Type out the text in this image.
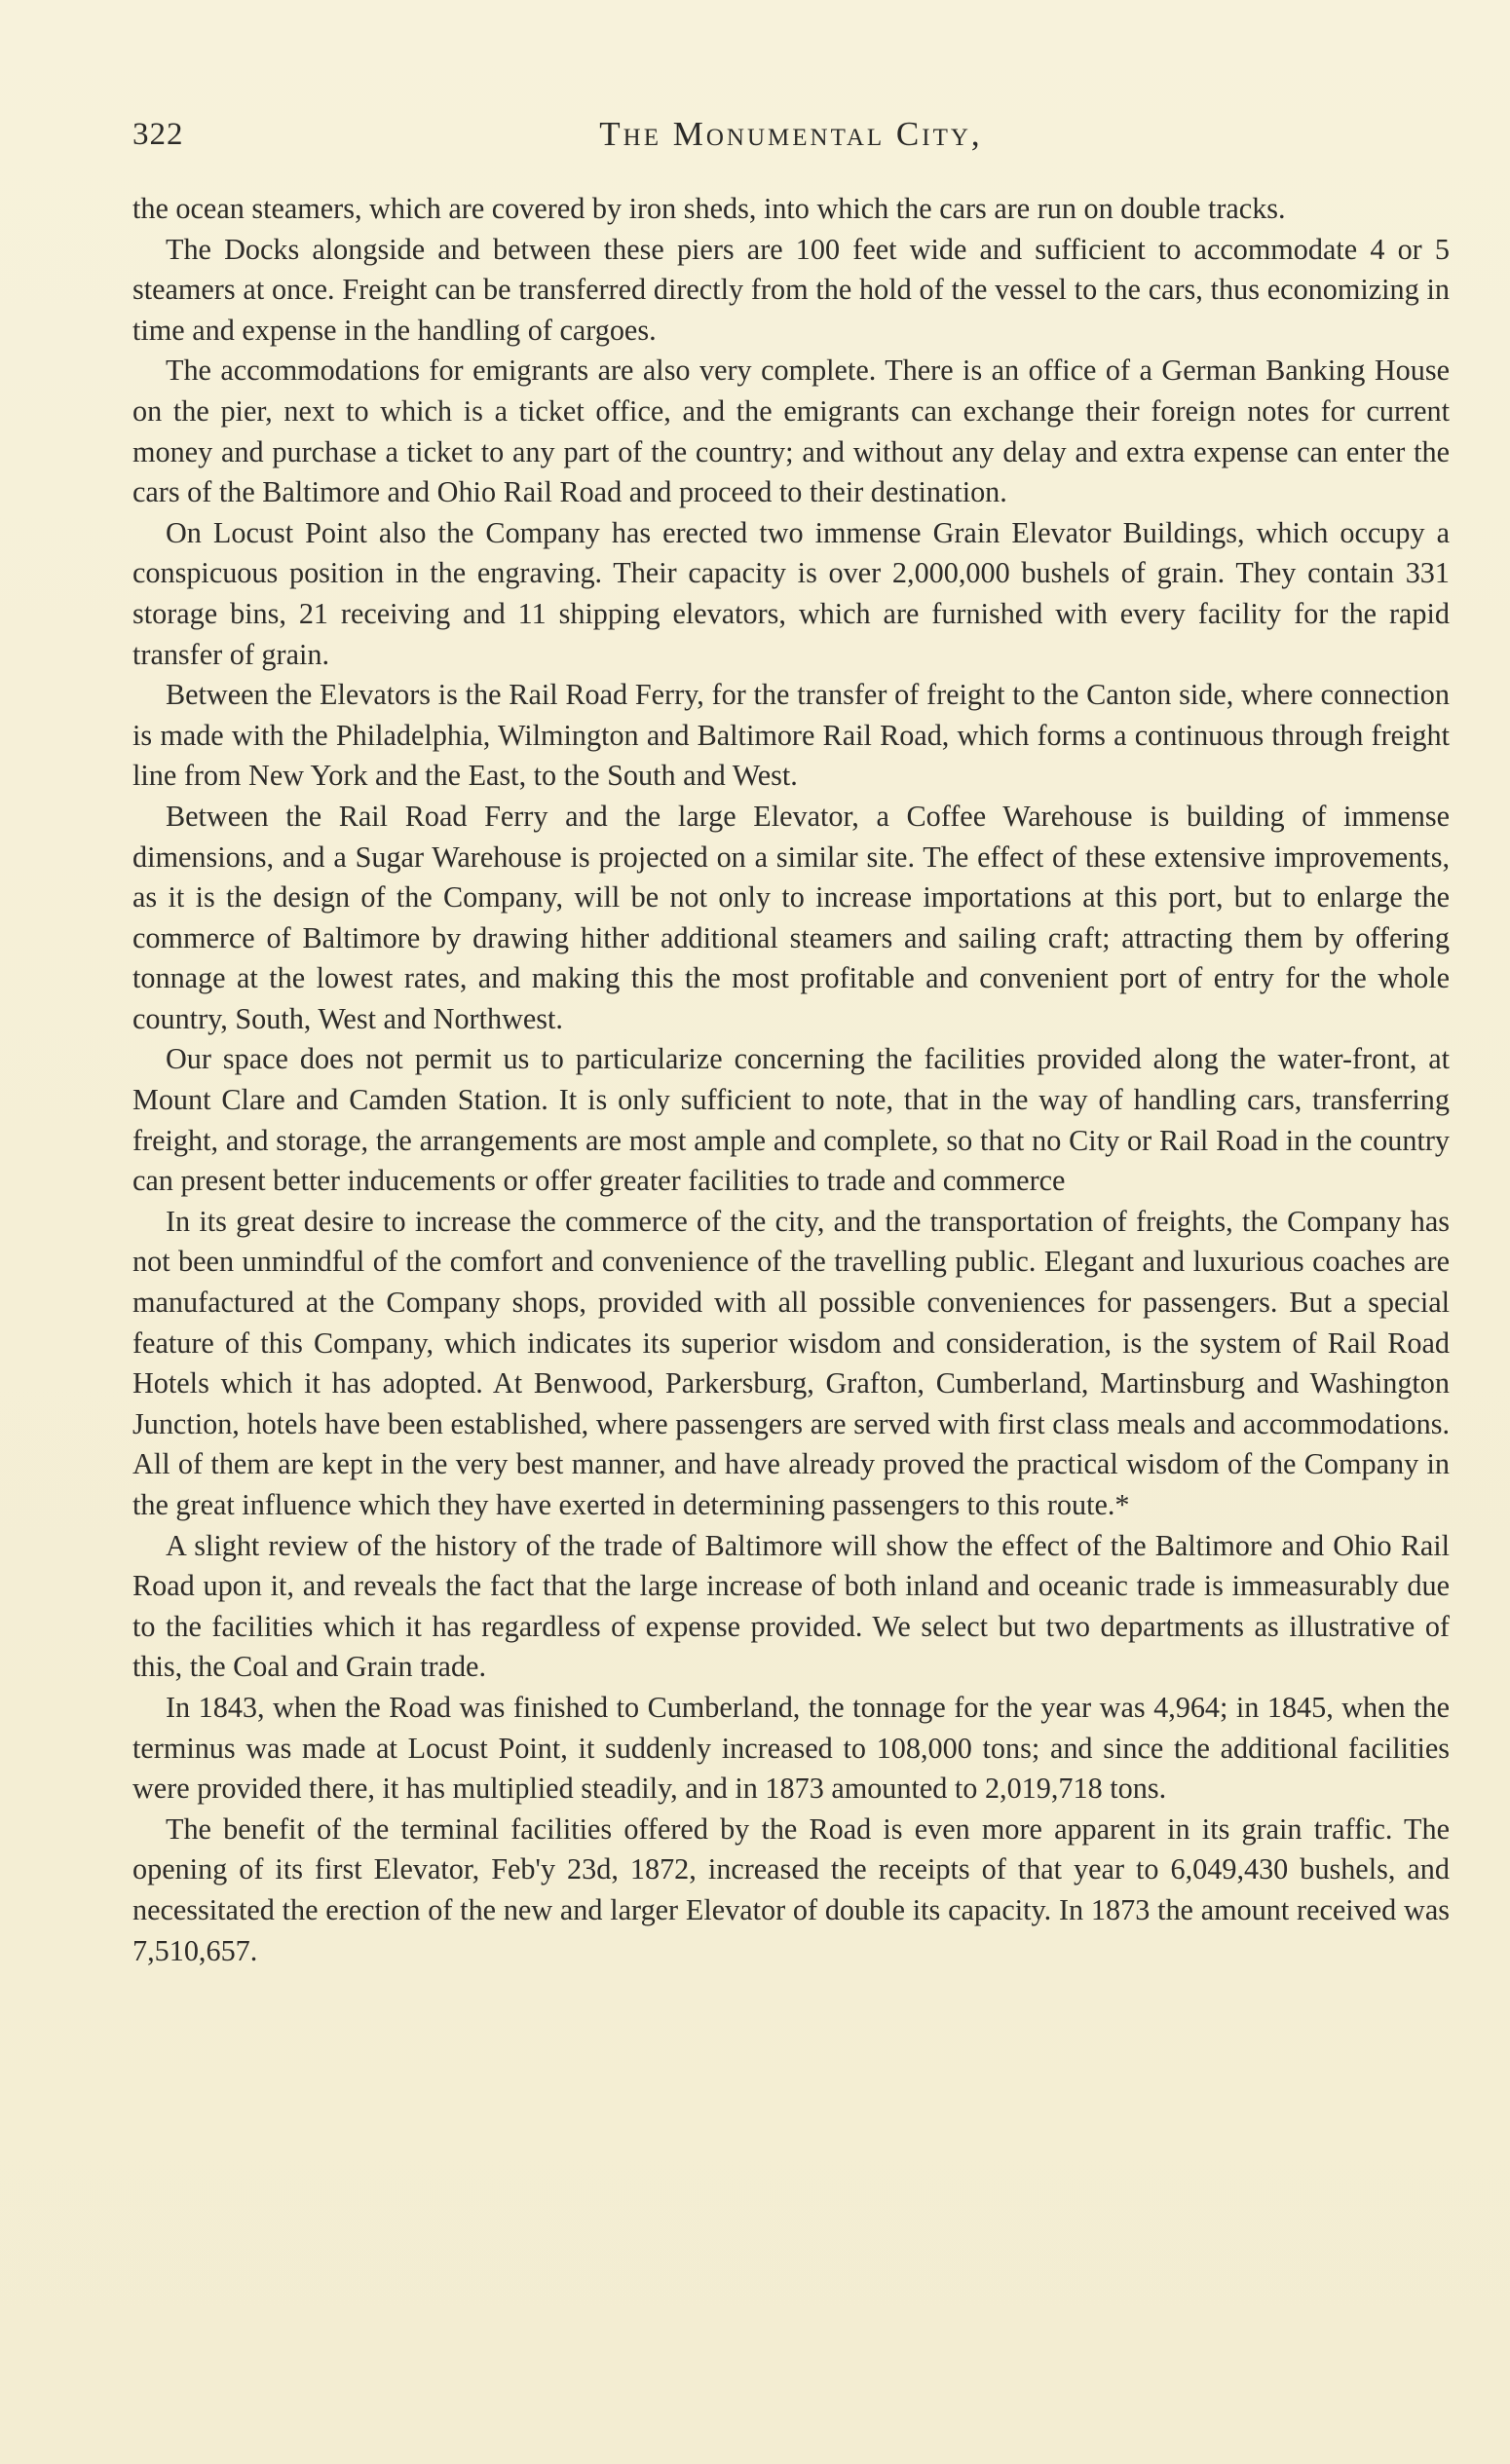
322	The Monumental City,

the ocean steamers, which are covered by iron sheds, into which the cars are run on double tracks.

The Docks alongside and between these piers are 100 feet wide and sufficient to accommodate 4 or 5 steamers at once. Freight can be transferred directly from the hold of the vessel to the cars, thus economizing in time and expense in the handling of cargoes.

The accommodations for emigrants are also very complete. There is an office of a German Banking House on the pier, next to which is a ticket office, and the emigrants can exchange their foreign notes for current money and purchase a ticket to any part of the country; and without any delay and extra expense can enter the cars of the Baltimore and Ohio Rail Road and proceed to their destination.

On Locust Point also the Company has erected two immense Grain Elevator Buildings, which occupy a conspicuous position in the engraving. Their capacity is over 2,000,000 bushels of grain. They contain 331 storage bins, 21 receiving and 11 shipping elevators, which are furnished with every facility for the rapid transfer of grain.

Between the Elevators is the Rail Road Ferry, for the transfer of freight to the Canton side, where connection is made with the Philadelphia, Wilmington and Baltimore Rail Road, which forms a continuous through freight line from New York and the East, to the South and West.

Between the Rail Road Ferry and the large Elevator, a Coffee Warehouse is building of immense dimensions, and a Sugar Warehouse is projected on a similar site. The effect of these extensive improvements, as it is the design of the Company, will be not only to increase importations at this port, but to enlarge the commerce of Baltimore by drawing hither additional steamers and sailing craft; attracting them by offering tonnage at the lowest rates, and making this the most profitable and convenient port of entry for the whole country, South, West and Northwest.

Our space does not permit us to particularize concerning the facilities provided along the water-front, at Mount Clare and Camden Station. It is only sufficient to note, that in the way of handling cars, transferring freight, and storage, the arrangements are most ample and complete, so that no City or Rail Road in the country can present better inducements or offer greater facilities to trade and commerce

In its great desire to increase the commerce of the city, and the transportation of freights, the Company has not been unmindful of the comfort and convenience of the travelling public. Elegant and luxurious coaches are manufactured at the Company shops, provided with all possible conveniences for passengers. But a special feature of this Company, which indicates its superior wisdom and consideration, is the system of Rail Road Hotels which it has adopted. At Benwood, Parkersburg, Grafton, Cumberland, Martinsburg and Washington Junction, hotels have been established, where passengers are served with first class meals and accommodations. All of them are kept in the very best manner, and have already proved the practical wisdom of the Company in the great influence which they have exerted in determining passengers to this route.*

A slight review of the history of the trade of Baltimore will show the effect of the Baltimore and Ohio Rail Road upon it, and reveals the fact that the large increase of both inland and oceanic trade is immeasurably due to the facilities which it has regardless of expense provided. We select but two departments as illustrative of this, the Coal and Grain trade.

In 1843, when the Road was finished to Cumberland, the tonnage for the year was 4,964; in 1845, when the terminus was made at Locust Point, it suddenly increased to 108,000 tons; and since the additional facilities were provided there, it has multiplied steadily, and in 1873 amounted to 2,019,718 tons.

The benefit of the terminal facilities offered by the Road is even more apparent in its grain traffic. The opening of its first Elevator, Feb'y 23d, 1872, increased the receipts of that year to 6,049,430 bushels, and necessitated the erection of the new and larger Elevator of double its capacity. In 1873 the amount received was 7,510,657.
